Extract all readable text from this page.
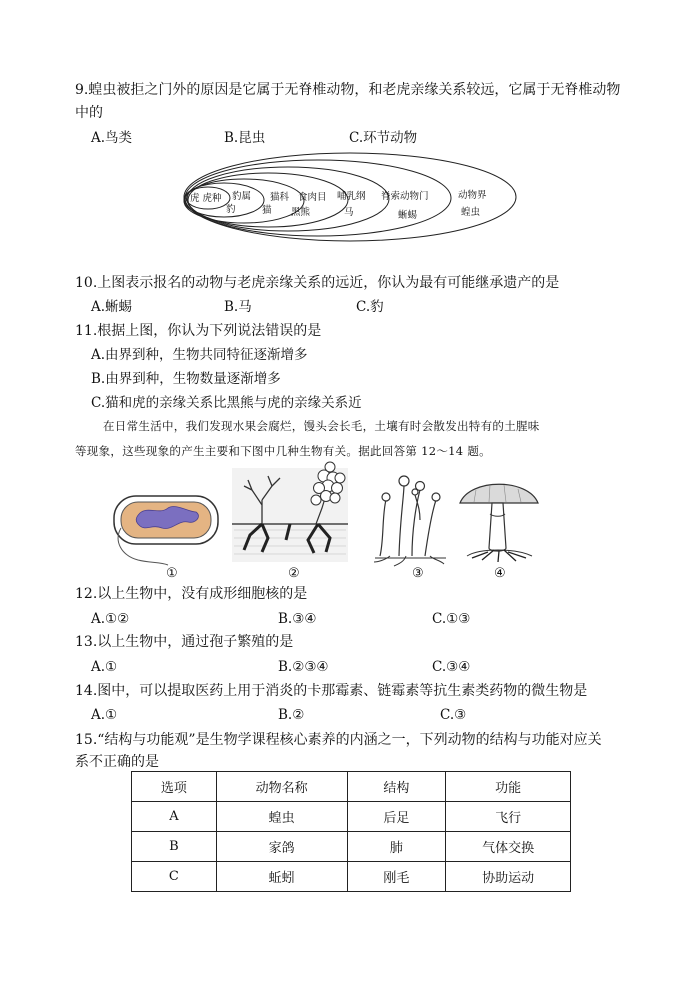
9.蝗虫被拒之门外的原因是它属于无脊椎动物，和老虎亲缘关系较远，它属于无脊椎动物
中的
A.鸟类	B.昆虫	C.环节动物
虎 虎种 豹属
豹
猫科
猫
食肉目
黑熊
哺乳纲
马
脊索动物门
蜥蜴
动物界
蝗虫
10.上图表示报名的动物与老虎亲缘关系的远近，你认为最有可能继承遗产的是
A.蜥蜴	B.马	C.豹
11.根据上图，你认为下列说法错误的是
A.由界到种，生物共同特征逐渐增多
B.由界到种，生物数量逐渐增多
C.猫和虎的亲缘关系比黑熊与虎的亲缘关系近
在日常生活中，我们发现水果会腐烂，馒头会长毛，土壤有时会散发出特有的土腥味
等现象，这些现象的产生主要和下图中几种生物有关。据此回答第 12～14 题。
①	②	③	④
12.以上生物中，没有成形细胞核的是
A.①②	B.③④	C.①③
13.以上生物中，通过孢子繁殖的是
A.①	B.②③④	C.③④
14.图中，可以提取医药上用于消炎的卡那霉素、链霉素等抗生素类药物的微生物是
A.①	B.②	C.③
15.“结构与功能观”是生物学课程核心素养的内涵之一，下列动物的结构与功能对应关
系不正确的是
选项	动物名称	结构	功能
A	蝗虫	后足	飞行
B	家鸽	肺	气体交换
C	蚯蚓	刚毛	协助运动
